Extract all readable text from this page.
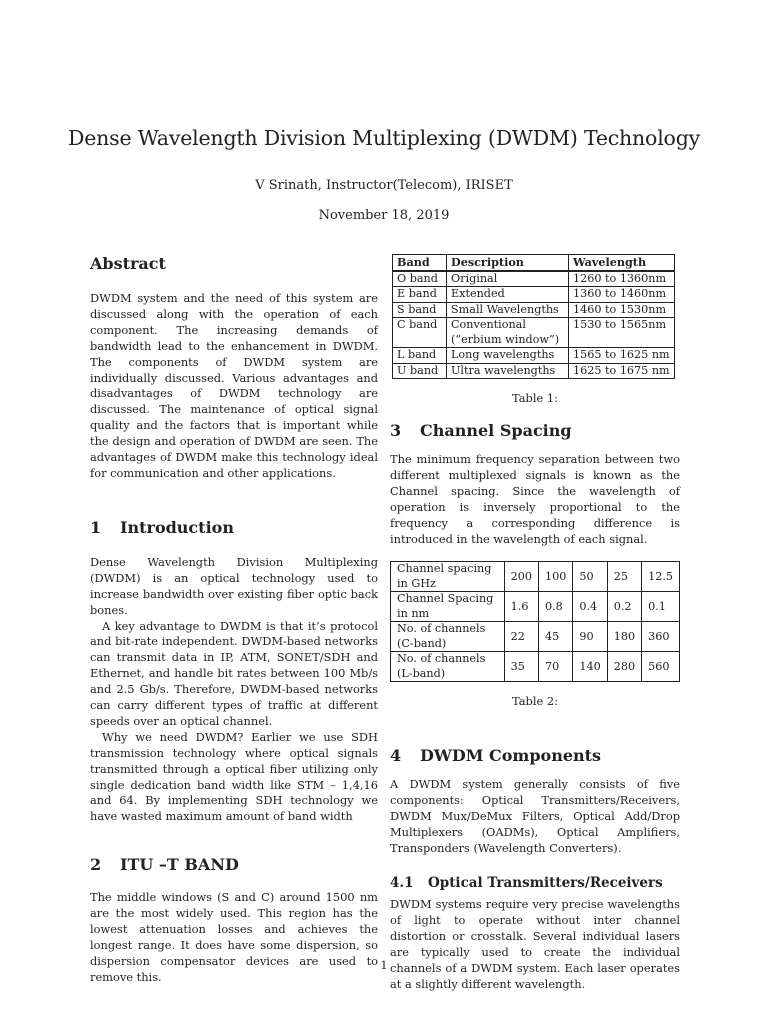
Dense Wavelength Division Multiplexing (DWDM) Technology
V Srinath, Instructor(Telecom), IRISET
November 18, 2019
Abstract

DWDM system and the need of this system are discussed along with the operation of each component. The increasing demands of bandwidth lead to the enhancement in DWDM. The components of DWDM system are individually discussed. Various advantages and disadvantages of DWDM technology are discussed. The maintenance of optical signal quality and the factors that is important while the design and operation of DWDM are seen. The advantages of DWDM make this technology ideal for communication and other applications.

1 Introduction

Dense Wavelength Division Multiplexing (DWDM) is an optical technology used to increase bandwidth over existing fiber optic back bones.

A key advantage to DWDM is that it’s protocol and bit-rate independent. DWDM-based networks can transmit data in IP, ATM, SONET/SDH and Ethernet, and handle bit rates between 100 Mb/s and 2.5 Gb/s. Therefore, DWDM-based networks can carry different types of traffic at different speeds over an optical channel.

Why we need DWDM? Earlier we use SDH transmission technology where optical signals transmitted through a optical fiber utilizing only single dedication band width like STM – 1,4,16 and 64. By implementing SDH technology we have wasted maximum amount of band width

2 ITU –T BAND

The middle windows (S and C) around 1500 nm are the most widely used. This region has the lowest attenuation losses and achieves the longest range. It does have some dispersion, so dispersion compensator devices are used to remove this.

Band	Description	Wavelength
O band	Original	1260 to 1360nm
E band	Extended	1360 to 1460nm
S band	Small Wavelengths	1460 to 1530nm
C band	Conventional (“erbium window”)	1530 to 1565nm
L band	Long wavelengths	1565 to 1625 nm
U band	Ultra wavelengths	1625 to 1675 nm
Table 1:
3 Channel Spacing

The minimum frequency separation between two different multiplexed signals is known as the Channel spacing. Since the wavelength of operation is inversely proportional to the frequency a corresponding difference is introduced in the wavelength of each signal.

Channel spacing in GHz	200	100	50	25	12.5
Channel Spacing in nm	1.6	0.8	0.4	0.2	0.1
No. of channels (C-band)	22	45	90	180	360
No. of channels (L-band)	35	70	140	280	560
Table 2:
4 DWDM Components

A DWDM system generally consists of five components: Optical Transmitters/Receivers, DWDM Mux/DeMux Filters, Optical Add/Drop Multiplexers (OADMs), Optical Amplifiers, Transponders (Wavelength Converters).

4.1 Optical Transmitters/Receivers

DWDM systems require very precise wavelengths of light to operate without inter channel distortion or crosstalk. Several individual lasers are typically used to create the individual channels of a DWDM system. Each laser operates at a slightly different wavelength.

1
